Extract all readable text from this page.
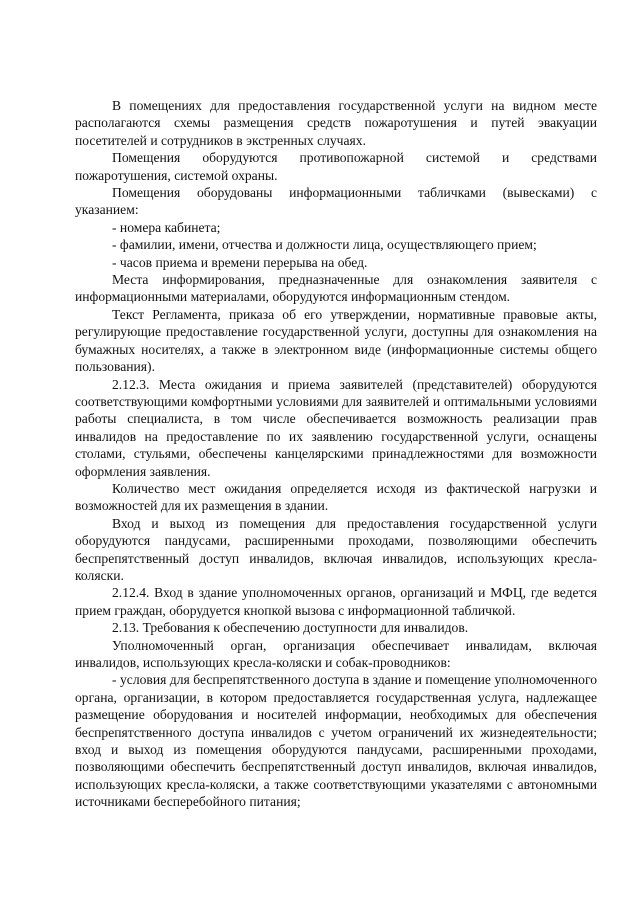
В помещениях для предоставления государственной услуги на видном месте располагаются схемы размещения средств пожаротушения и путей эвакуации посетителей и сотрудников в экстренных случаях.

Помещения оборудуются противопожарной системой и средствами пожаротушения, системой охраны.

Помещения оборудованы информационными табличками (вывесками) с указанием:

- номера кабинета;

- фамилии, имени, отчества и должности лица, осуществляющего прием;

- часов приема и времени перерыва на обед.

Места информирования, предназначенные для ознакомления заявителя с информационными материалами, оборудуются информационным стендом.

Текст Регламента, приказа об его утверждении, нормативные правовые акты, регулирующие предоставление государственной услуги, доступны для ознакомления на бумажных носителях, а также в электронном виде (информационные системы общего пользования).

2.12.3. Места ожидания и приема заявителей (представителей) оборудуются соответствующими комфортными условиями для заявителей и оптимальными условиями работы специалиста, в том числе обеспечивается возможность реализации прав инвалидов на предоставление по их заявлению государственной услуги, оснащены столами, стульями, обеспечены канцелярскими принадлежностями для возможности оформления заявления.

Количество мест ожидания определяется исходя из фактической нагрузки и возможностей для их размещения в здании.

Вход и выход из помещения для предоставления государственной услуги оборудуются пандусами, расширенными проходами, позволяющими обеспечить беспрепятственный доступ инвалидов, включая инвалидов, использующих кресла-коляски.

2.12.4. Вход в здание уполномоченных органов, организаций и МФЦ, где ведется прием граждан, оборудуется кнопкой вызова с информационной табличкой.

2.13. Требования к обеспечению доступности для инвалидов.

Уполномоченный орган, организация обеспечивает инвалидам, включая инвалидов, использующих кресла-коляски и собак-проводников:

- условия для беспрепятственного доступа в здание и помещение уполномоченного органа, организации, в котором предоставляется государственная услуга, надлежащее размещение оборудования и носителей информации, необходимых для обеспечения беспрепятственного доступа инвалидов с учетом ограничений их жизнедеятельности; вход и выход из помещения оборудуются пандусами, расширенными проходами, позволяющими обеспечить беспрепятственный доступ инвалидов, включая инвалидов, использующих кресла-коляски, а также соответствующими указателями с автономными источниками бесперебойного питания;
